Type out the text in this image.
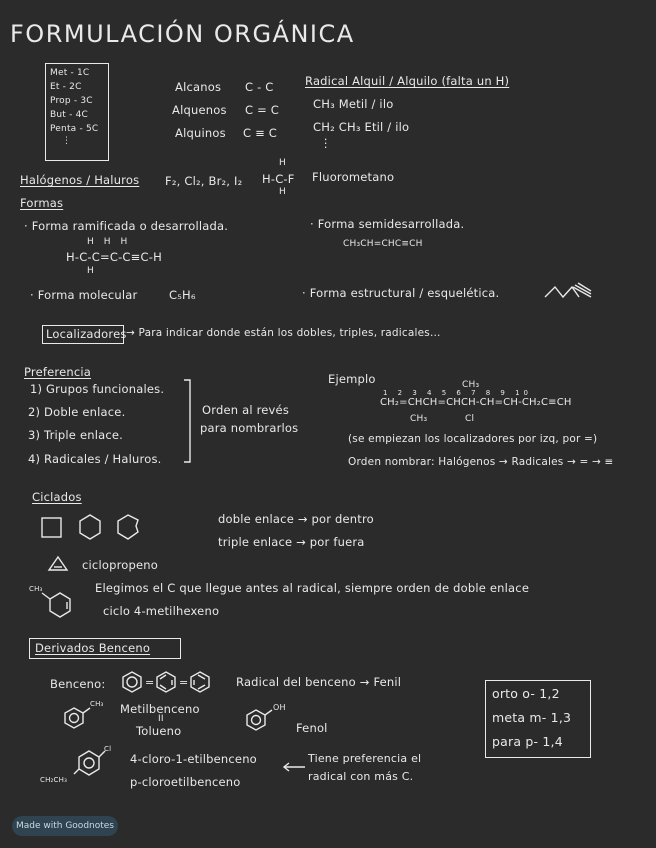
FORMULACIÓN ORGÁNICA
Met - 1C
Et - 2C
Prop - 3C
But - 4C
Penta - 5C
⋮
Alcanos C - C
Alquenos C = C
Alquinos C ≡ C
Radical Alquil / Alquilo (falta un H)
CH₃ Metil / ilo
CH₂ CH₃ Etil / ilo
⋮
Halógenos / Haluros F₂, Cl₂, Br₂, I₂
H
H-C-F
H
Fluorometano
Formas
· Forma ramificada o desarrollada.
HHH
H-C-C=C-C≡C-H
H
· Forma semidesarrollada.
CH₃CH=CHC≡CH
· Forma molecular	C₅H₆	· Forma estructural / esquelética.
Localizadores → Para indicar donde están los dobles, triples, radicales...
Preferencia
1) Grupos funcionales.
2) Doble enlace.
3) Triple enlace.
4) Radicales / Haluros.
Orden al revés
para nombrarlos
Ejemplo	CH₃
1 2 3 4 5 6 7 8 9 10
CH₂=CHCH=CHCH-CH=CH-CH₂C≡CH
CH₃	Cl
(se empiezan los localizadores por izq, por =)
Orden nombrar: Halógenos → Radicales → = → ≡
Ciclados
doble enlace → por dentro
triple enlace → por fuera
ciclopropeno
CH₃	Elegimos el C que llegue antes al radical, siempre orden de doble enlace
ciclo 4-metilhexeno
Derivados Benceno
Benceno:	= =	Radical del benceno → Fenil
CH₃ Metilbenceno
II
Tolueno
OH
Fenol
orto o- 1,2
meta m- 1,3
para p- 1,4
Cl
CH₂CH₃
4-cloro-1-etilbenceno
p-cloroetilbenceno
Tiene preferencia el
radical con más C.
Made with Goodnotes
